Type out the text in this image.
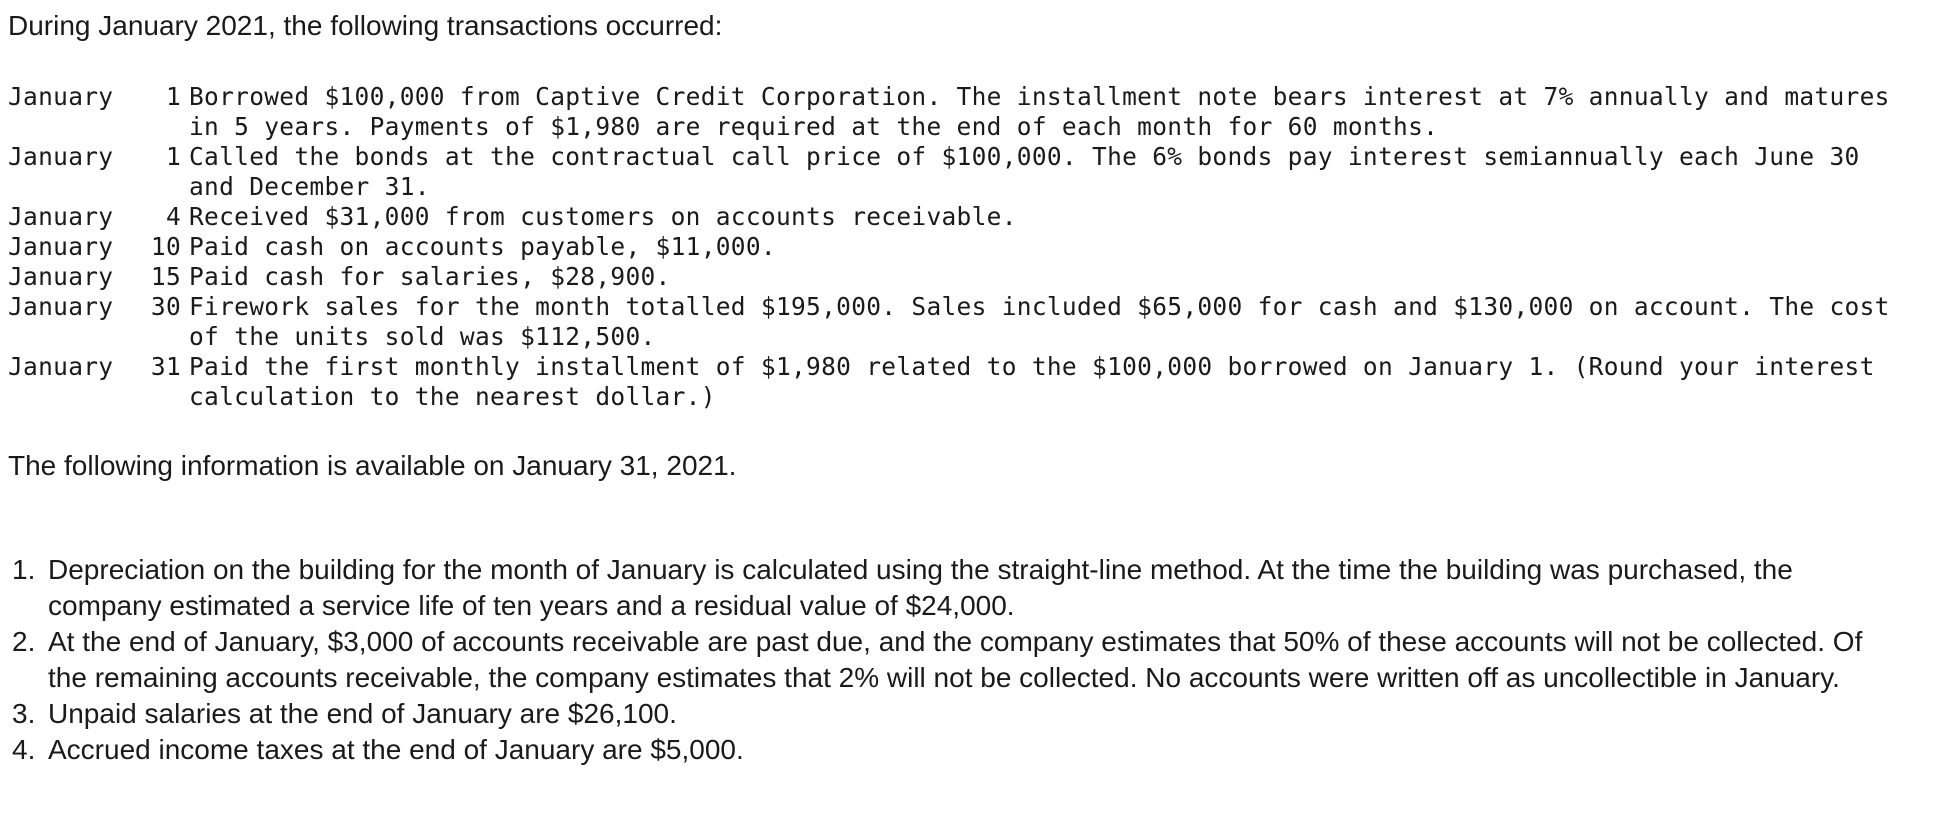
During January 2021, the following transactions occurred:

January	1 Borrowed $100,000 from Captive Credit Corporation. The installment note bears interest at 7% annually and matures in 5 years. Payments of $1,980 are required at the end of each month for 60 months.
January	1 Called the bonds at the contractual call price of $100,000. The 6% bonds pay interest semiannually each June 30 and December 31.
January	4 Received $31,000 from customers on accounts receivable.
January	10 Paid cash on accounts payable, $11,000.
January	15 Paid cash for salaries, $28,900.
January	30 Firework sales for the month totalled $195,000. Sales included $65,000 for cash and $130,000 on account. The cost of the units sold was $112,500.
January	31 Paid the first monthly installment of $1,980 related to the $100,000 borrowed on January 1. (Round your interest calculation to the nearest dollar.)

The following information is available on January 31, 2021.

1. Depreciation on the building for the month of January is calculated using the straight-line method. At the time the building was purchased, the company estimated a service life of ten years and a residual value of $24,000.
2. At the end of January, $3,000 of accounts receivable are past due, and the company estimates that 50% of these accounts will not be collected. Of the remaining accounts receivable, the company estimates that 2% will not be collected. No accounts were written off as uncollectible in January.
3. Unpaid salaries at the end of January are $26,100.
4. Accrued income taxes at the end of January are $5,000.
